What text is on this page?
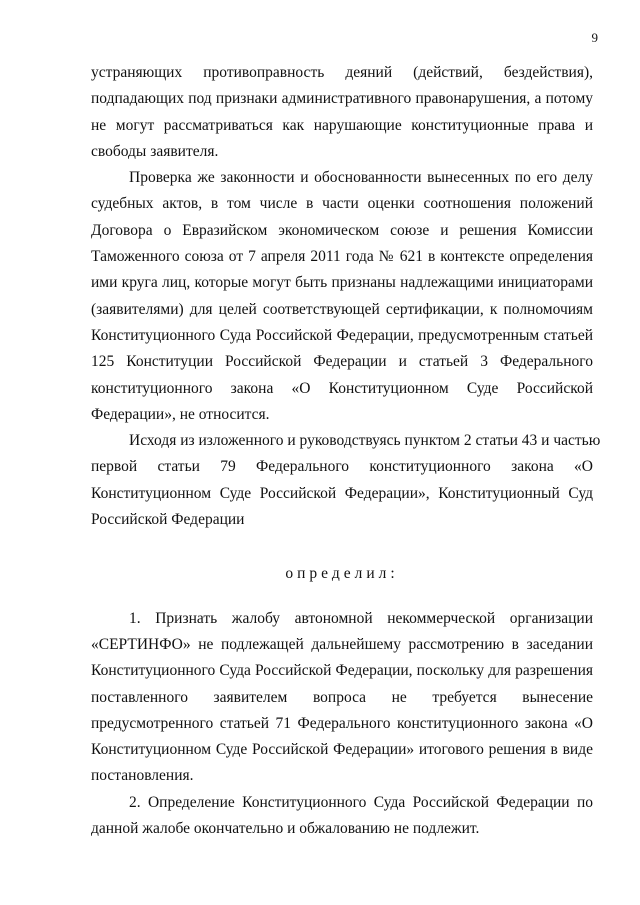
9
устраняющих противоправность деяний (действий, бездействия),
подпадающих под признаки административного правонарушения, а потому
не могут рассматриваться как нарушающие конституционные права и
свободы заявителя.
Проверка же законности и обоснованности вынесенных по его делу
судебных актов, в том числе в части оценки соотношения положений
Договора о Евразийском экономическом союзе и решения Комиссии
Таможенного союза от 7 апреля 2011 года № 621 в контексте определения
ими круга лиц, которые могут быть признаны надлежащими инициаторами
(заявителями) для целей соответствующей сертификации, к полномочиям
Конституционного Суда Российской Федерации, предусмотренным статьей
125 Конституции Российской Федерации и статьей 3 Федерального
конституционного закона «О Конституционном Суде Российской
Федерации», не относится.
Исходя из изложенного и руководствуясь пунктом 2 статьи 43 и частью
первой статьи 79 Федерального конституционного закона «О
Конституционном Суде Российской Федерации», Конституционный Суд
Российской Федерации
определил:
1. Признать жалобу автономной некоммерческой организации
«СЕРТИНФО» не подлежащей дальнейшему рассмотрению в заседании
Конституционного Суда Российской Федерации, поскольку для разрешения
поставленного заявителем вопроса не требуется вынесение
предусмотренного статьей 71 Федерального конституционного закона «О
Конституционном Суде Российской Федерации» итогового решения в виде
постановления.
2. Определение Конституционного Суда Российской Федерации по
данной жалобе окончательно и обжалованию не подлежит.
